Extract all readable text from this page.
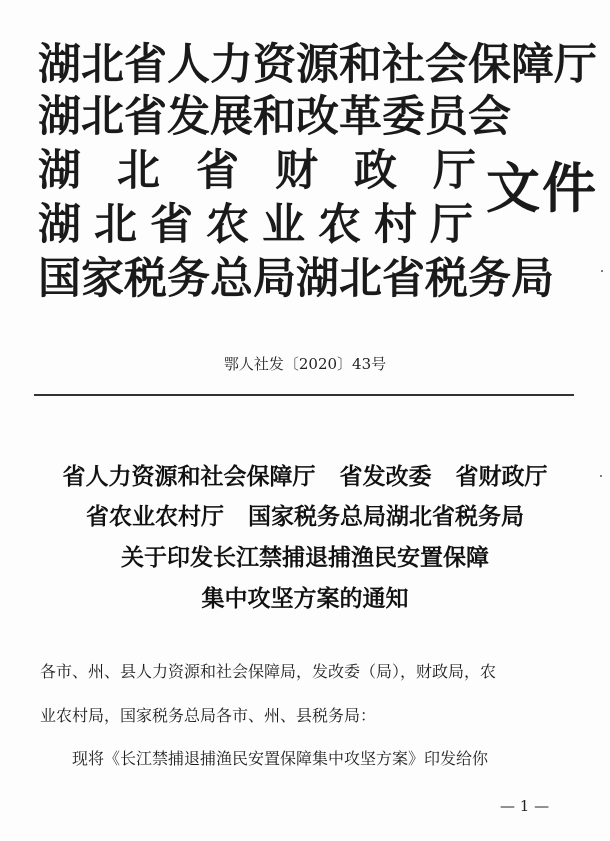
湖北省人力资源和社会保障厅
湖北省发展和改革委员会
湖北省财政厅
湖北省农业农村厅
国家税务总局湖北省税务局
文件
鄂人社发〔2020〕43号
省人力资源和社会保障厅 省发改委 省财政厅
省农业农村厅 国家税务总局湖北省税务局
关于印发长江禁捕退捕渔民安置保障
集中攻坚方案的通知
各市、州、县人力资源和社会保障局，发改委（局），财政局，农
业农村局，国家税务总局各市、州、县税务局：
现将《长江禁捕退捕渔民安置保障集中攻坚方案》印发给你
— 1 —
